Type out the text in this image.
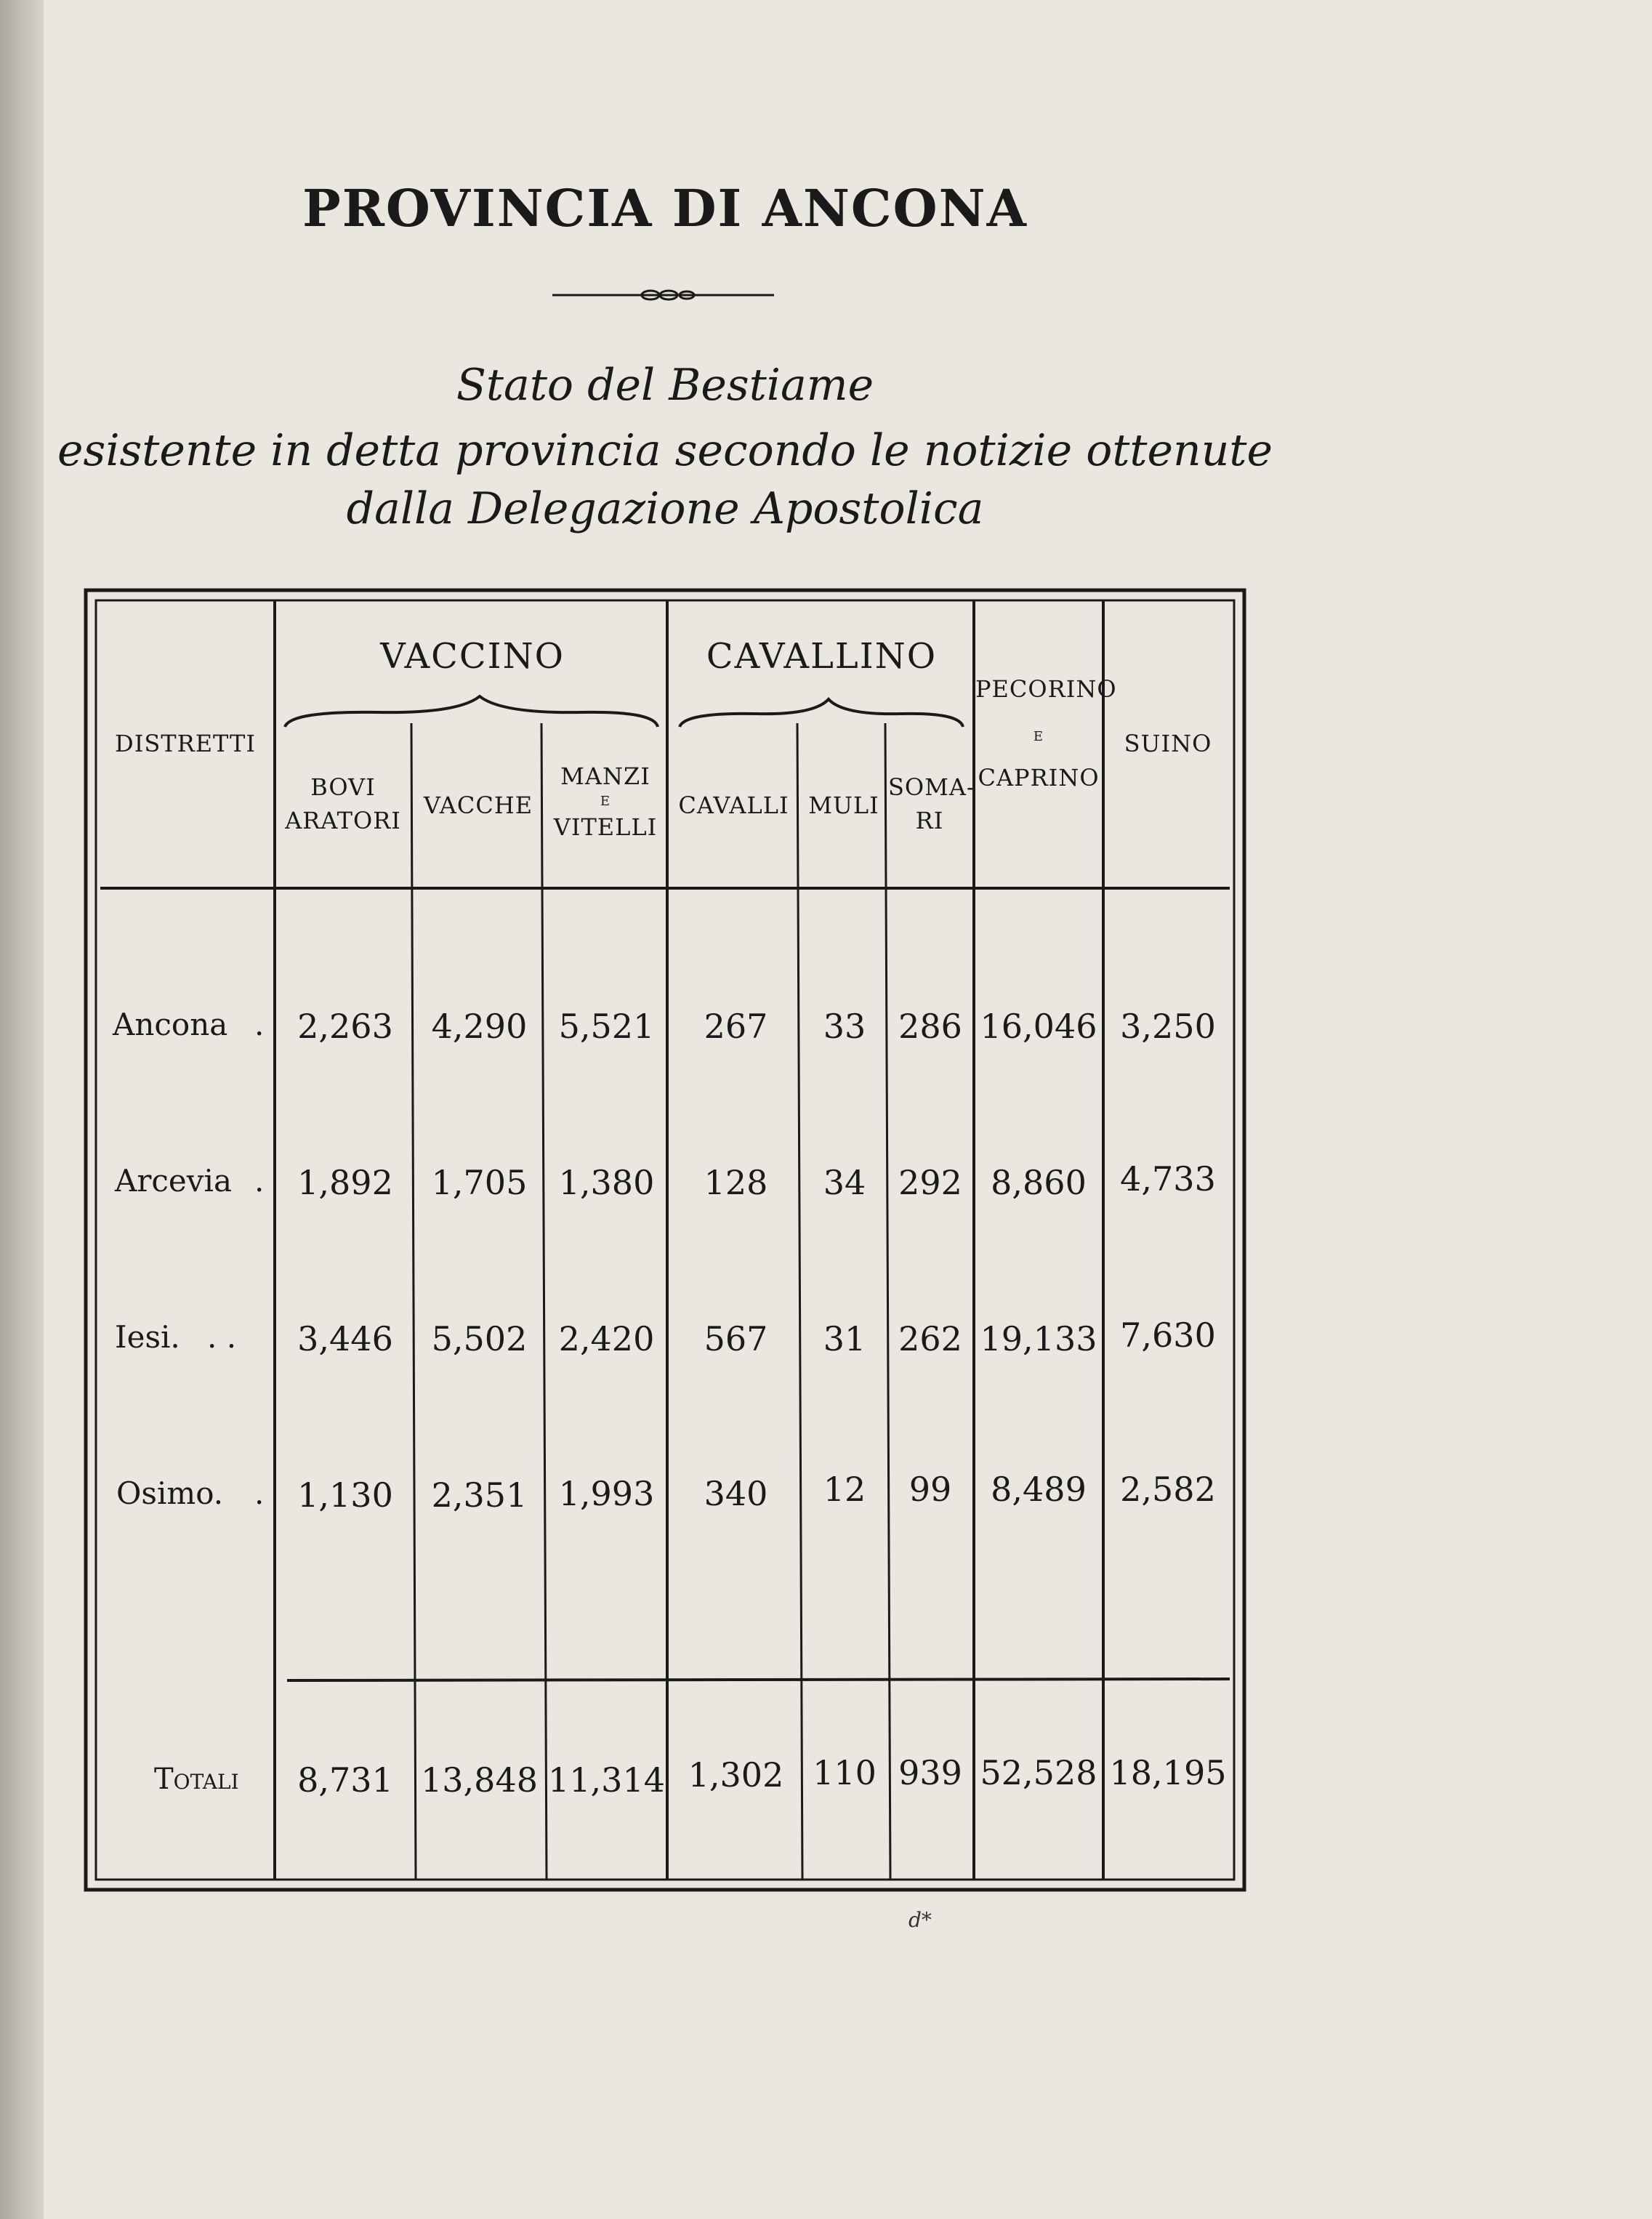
PROVINCIA DI ANCONA
Stato del Bestiame
esistente in detta provincia secondo le notizie ottenute
dalla Delegazione Apostolica
DISTRETTI
VACCINO	CAVALLINO
BOVI
ARATORI
VACCHE
MANZI
E
VITELLI
CAVALLI MULI
SOMA-
RI
PECORINO
E
CAPRINO
SUINO
Ancona . 2,263	4,290 5,521	267	33 286 16,046 3,250
Arcevia . 1,892	1,705 1,380	128	34 292 8,860	4,733
Iesi. . .	3,446	5,502 2,420	567	31 262 19,133 7,630
Osimo. . 1,130	2,351 1,993	340	12	99	8,489	2,582
Totali	8,731 13,848 11,314 1,302 110 939 52,528 18,195
d*
